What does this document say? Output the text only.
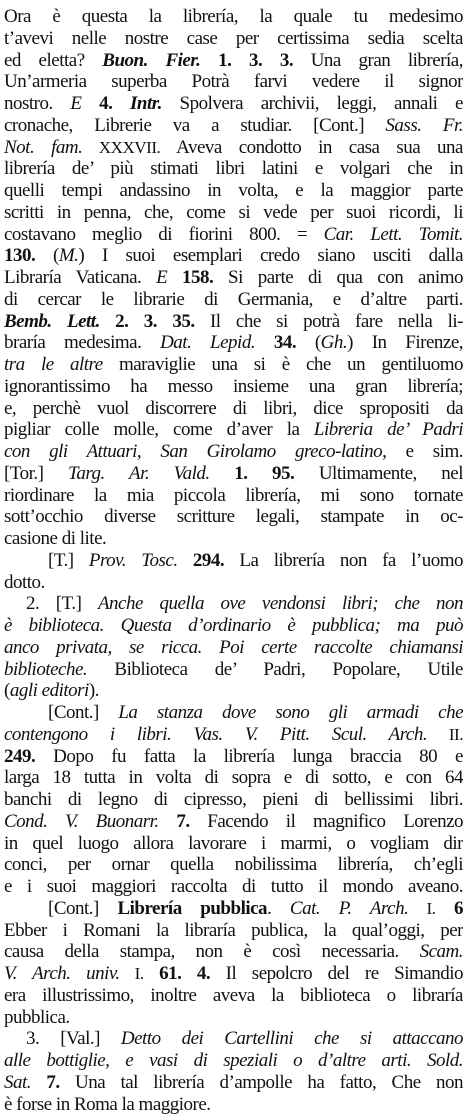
Ora è questa la librería, la quale tu medesimo
t’avevi nelle nostre case per certissima sedia scelta
ed eletta? Buon. Fier. 1. 3. 3. Una gran librería,
Un’armeria superba Potrà farvi vedere il signor
nostro. E 4. Intr. Spolvera archivii, leggi, annali e
cronache, Librerie va a studiar. [Cont.] Sass. Fr.
Not. fam. XXXVII. Aveva condotto in casa sua una
librería de’ più stimati libri latini e volgari che in
quelli tempi andassino in volta, e la maggior parte
scritti in penna, che, come si vede per suoi ricordi, li
costavano meglio di fiorini 800. = Car. Lett. Tomit.
130. (M.) I suoi esemplari credo siano usciti dalla
Libraría Vaticana. E 158. Si parte di qua con animo
di cercar le librarie di Germania, e d’altre parti.
Bemb. Lett. 2. 3. 35. Il che si potrà fare nella li-
braría medesima. Dat. Lepid. 34. (Gh.) In Firenze,
tra le altre maraviglie una si è che un gentiluomo
ignorantissimo ha messo insieme una gran librería;
e, perchè vuol discorrere di libri, dice spropositi da
pigliar colle molle, come d’aver la Libreria de’ Padri
con gli Attuari, San Girolamo greco-latino, e sim.
[Tor.] Targ. Ar. Vald. 1. 95. Ultimamente, nel
riordinare la mia piccola librería, mi sono tornate
sott’occhio diverse scritture legali, stampate in oc-
casione di lite.
[T.] Prov. Tosc. 294. La librería non fa l’uomo
dotto.
2. [T.] Anche quella ove vendonsi libri; che non
è biblioteca. Questa d’ordinario è pubblica; ma può
anco privata, se ricca. Poi certe raccolte chiamansi
biblioteche. Biblioteca de’ Padri, Popolare, Utile
(agli editori).
[Cont.] La stanza dove sono gli armadi che
contengono i libri. Vas. V. Pitt. Scul. Arch. II.
249. Dopo fu fatta la librería lunga braccia 80 e
larga 18 tutta in volta di sopra e di sotto, e con 64
banchi di legno di cipresso, pieni di bellissimi libri.
Cond. V. Buonarr. 7. Facendo il magnifico Lorenzo
in quel luogo allora lavorare i marmi, o vogliam dir
conci, per ornar quella nobilissima librería, ch’egli
e i suoi maggiori raccolta di tutto il mondo aveano.
[Cont.] Librería pubblica. Cat. P. Arch. I. 6
Ebber i Romani la libraría publica, la qual’oggi, per
causa della stampa, non è così necessaria. Scam.
V. Arch. univ. I. 61. 4. Il sepolcro del re Simandio
era illustrissimo, inoltre aveva la biblioteca o libraría
pubblica.
3. [Val.] Detto dei Cartellini che si attaccano
alle bottiglie, e vasi di speziali o d’altre arti. Sold.
Sat. 7. Una tal librería d’ampolle ha fatto, Che non
è forse in Roma la maggiore.
